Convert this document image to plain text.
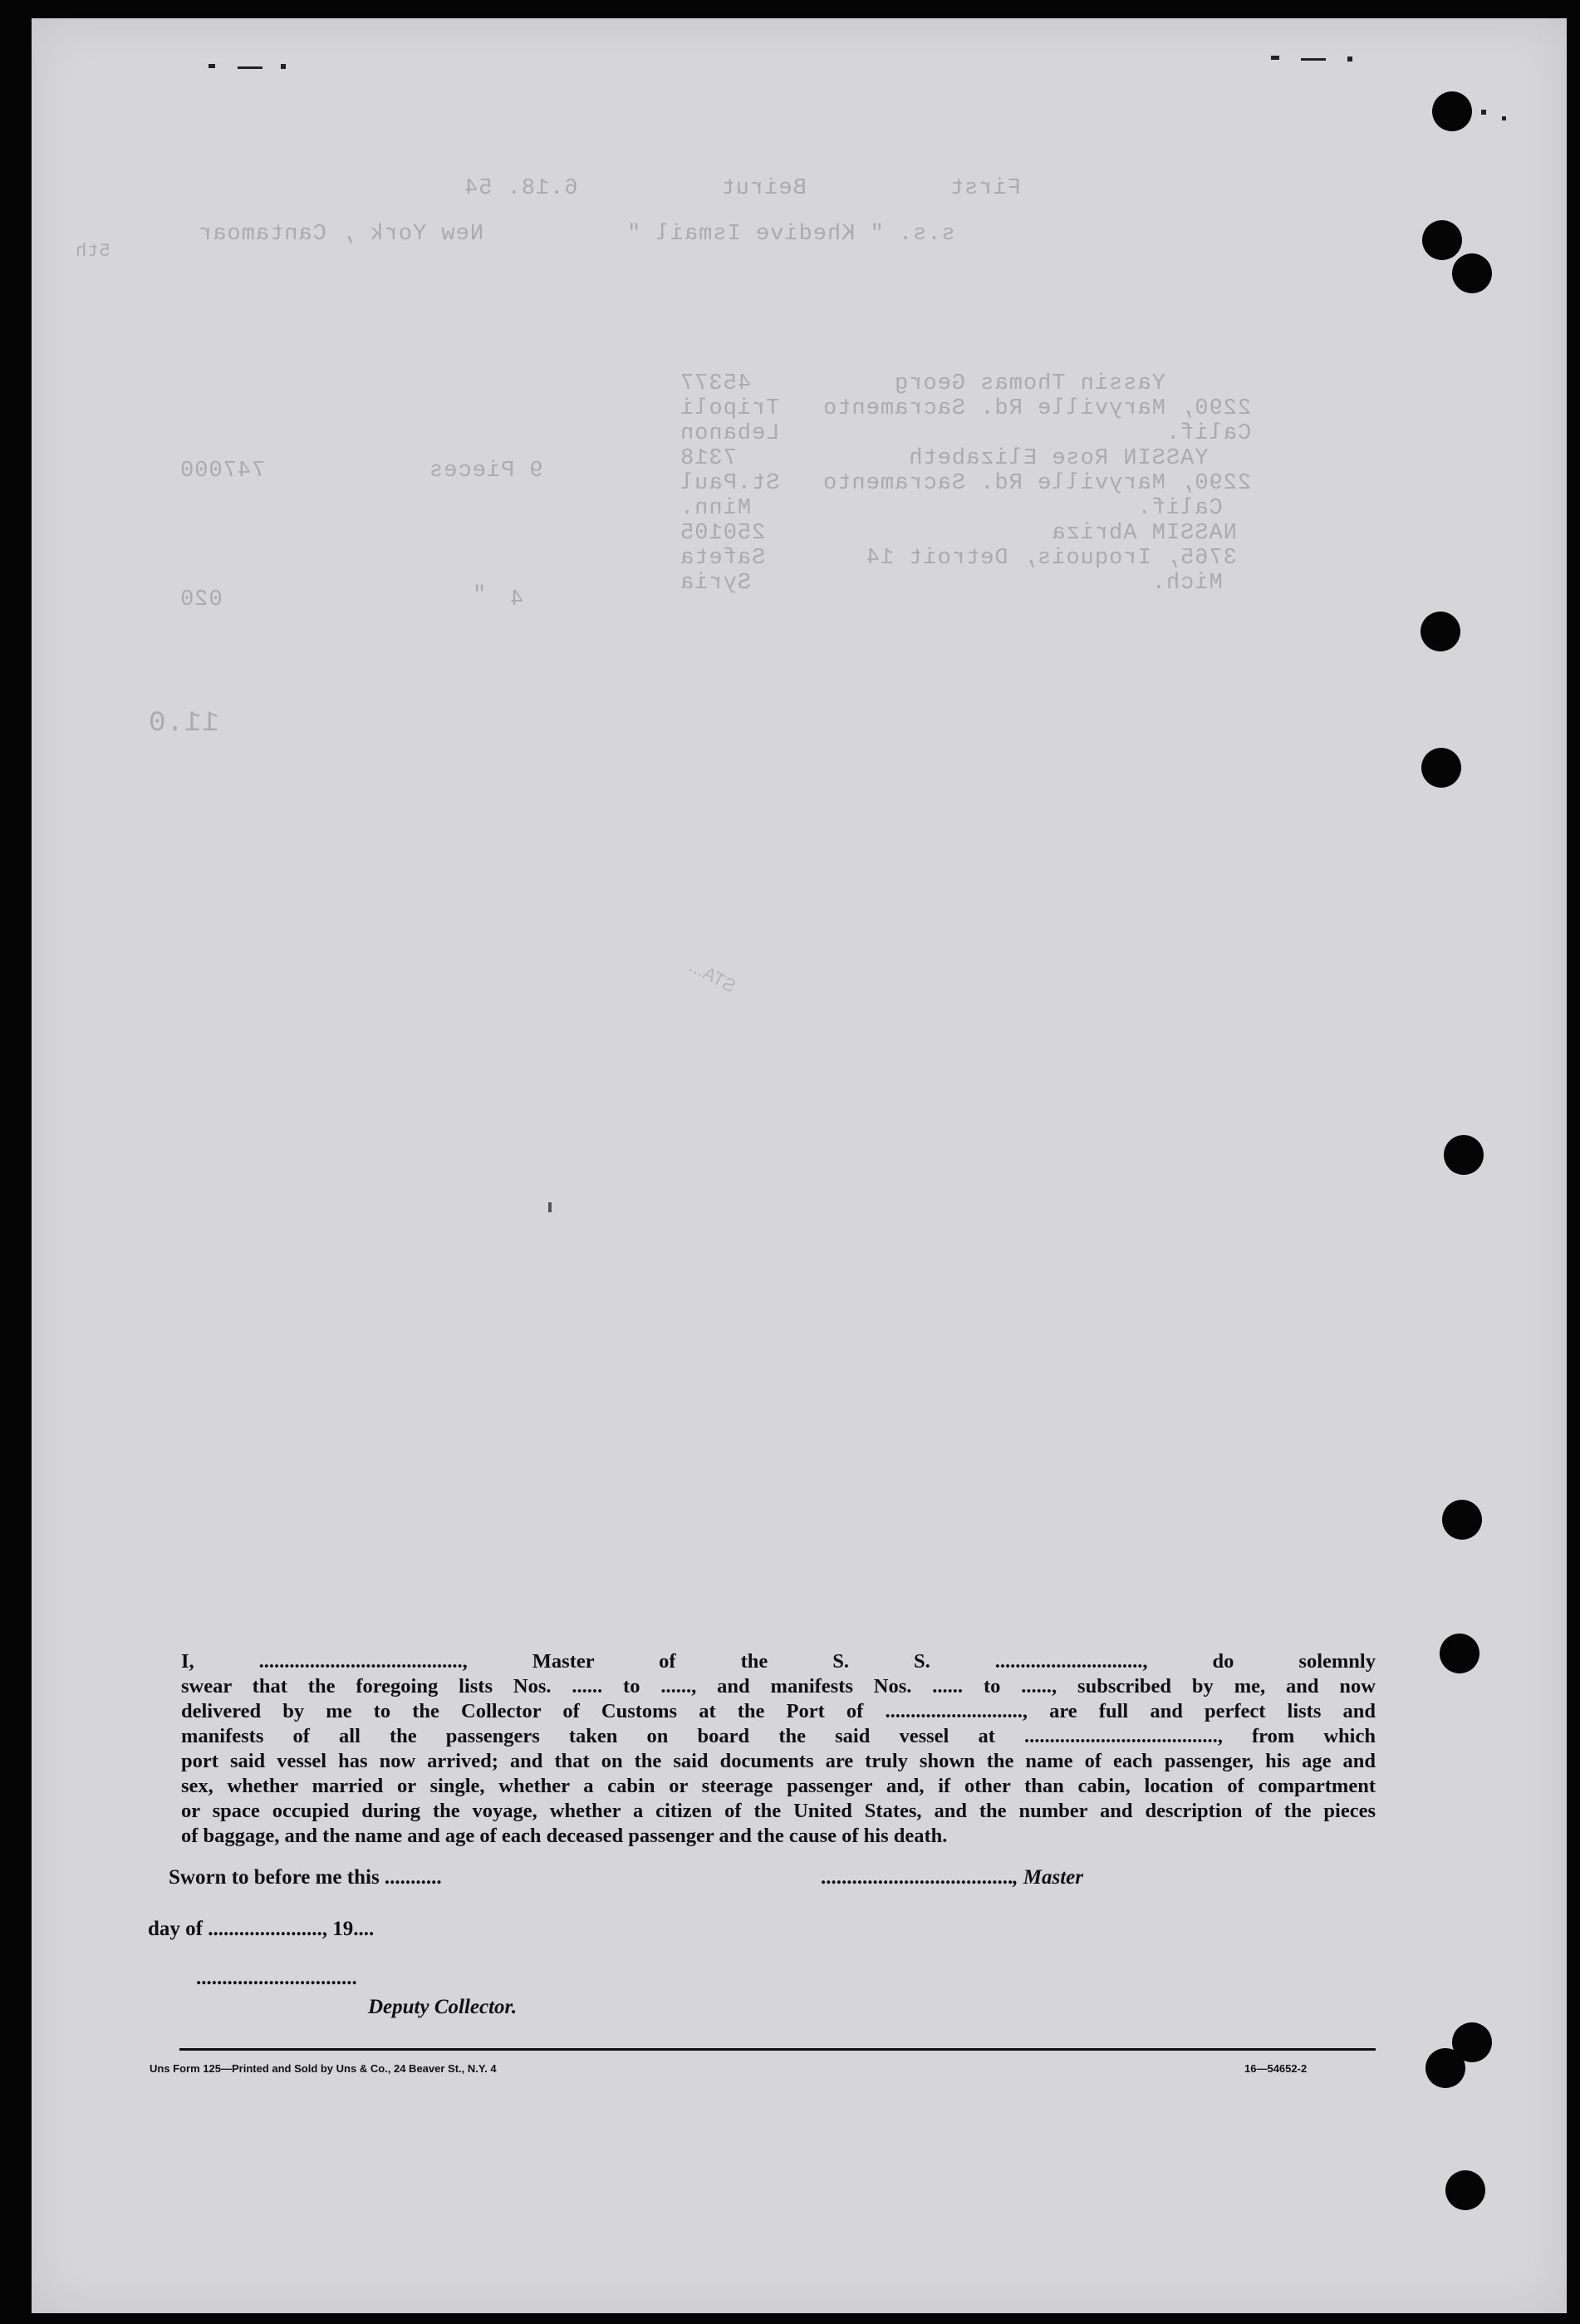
s.s. " Khedive Ismail "          New York , Cantamoar
First          Beirut          6.18. 54
5th
Yassin Thomas Georg          45377
2290, Maryville Rd. Sacramento   Tripoli
Calif.                           Lebanon
YASSIN Rose Elizabeth            7318
2290, Maryville Rd. Sacramento   St.Paul
Calif.                           Minn.
NASSIM Abriza                    250105
3765, Iroquois, Detroit 14       Safeta
Mich.                            Syria
9 Pieces
747000
" 4
020
11.0
STA...
I, ........................................, Master of the S. S. ............................., do solemnly
swear that the foregoing lists Nos. ...... to ......, and manifests Nos. ...... to ......, subscribed by me, and now
delivered by me to the Collector of Customs at the Port of ..........................., are full and perfect lists and
manifests of all the passengers taken on board the said vessel at ......................................, from which
port said vessel has now arrived; and that on the said documents are truly shown the name of each passenger, his age and
sex, whether married or single, whether a cabin or steerage passenger and, if other than cabin, location of compartment
or space occupied during the voyage, whether a citizen of the United States, and the number and description of the pieces
of baggage, and the name and age of each deceased passenger and the cause of his death.
Sworn to before me this ...........	....................................., Master
day of ......................, 19....
...............................
Deputy Collector.
Uns Form 125—Printed and Sold by Uns & Co., 24 Beaver St., N.Y. 4	16—54652-2
